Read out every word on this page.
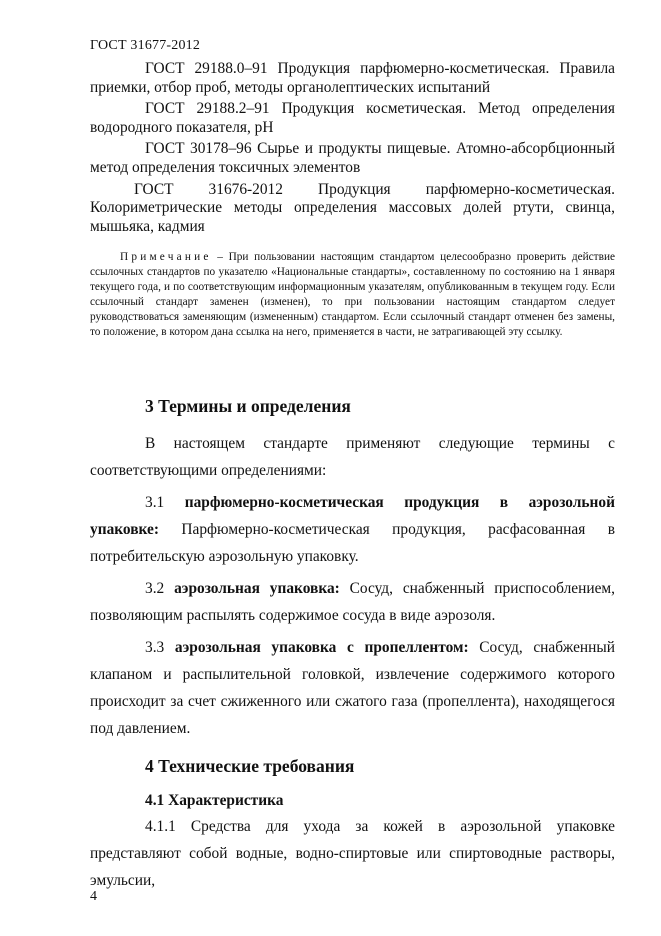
ГОСТ 31677-2012

ГОСТ 29188.0–91 Продукция парфюмерно-косметическая. Правила приемки, отбор проб, методы органолептических испытаний

ГОСТ 29188.2–91 Продукция косметическая. Метод определения водородного показателя, рН

ГОСТ 30178–96 Сырье и продукты пищевые. Атомно-абсорбционный метод определения токсичных элементов

ГОСТ 31676-2012 Продукция парфюмерно-косметическая. Колориметрические методы определения массовых долей ртути, свинца, мышьяка, кадмия

Примечание – При пользовании настоящим стандартом целесообразно проверить действие ссылочных стандартов по указателю «Национальные стандарты», составленному по состоянию на 1 января текущего года, и по соответствующим информационным указателям, опубликованным в текущем году. Если ссылочный стандарт заменен (изменен), то при пользовании настоящим стандартом следует руководствоваться заменяющим (измененным) стандартом. Если ссылочный стандарт отменен без замены, то положение, в котором дана ссылка на него, применяется в части, не затрагивающей эту ссылку.

3 Термины и определения

В настоящем стандарте применяют следующие термины с соответствующими определениями:

3.1 парфюмерно-косметическая продукция в аэрозольной упаковке: Парфюмерно-косметическая продукция, расфасованная в потребительскую аэрозольную упаковку.

3.2 аэрозольная упаковка: Сосуд, снабженный приспособлением, позволяющим распылять содержимое сосуда в виде аэрозоля.

3.3 аэрозольная упаковка с пропеллентом: Сосуд, снабженный клапаном и распылительной головкой, извлечение содержимого которого происходит за счет сжиженного или сжатого газа (пропеллента), находящегося под давлением.

4 Технические требования
4.1 Характеристика

4.1.1 Средства для ухода за кожей в аэрозольной упаковке представляют собой водные, водно-спиртовые или спиртоводные растворы, эмульсии,

4
